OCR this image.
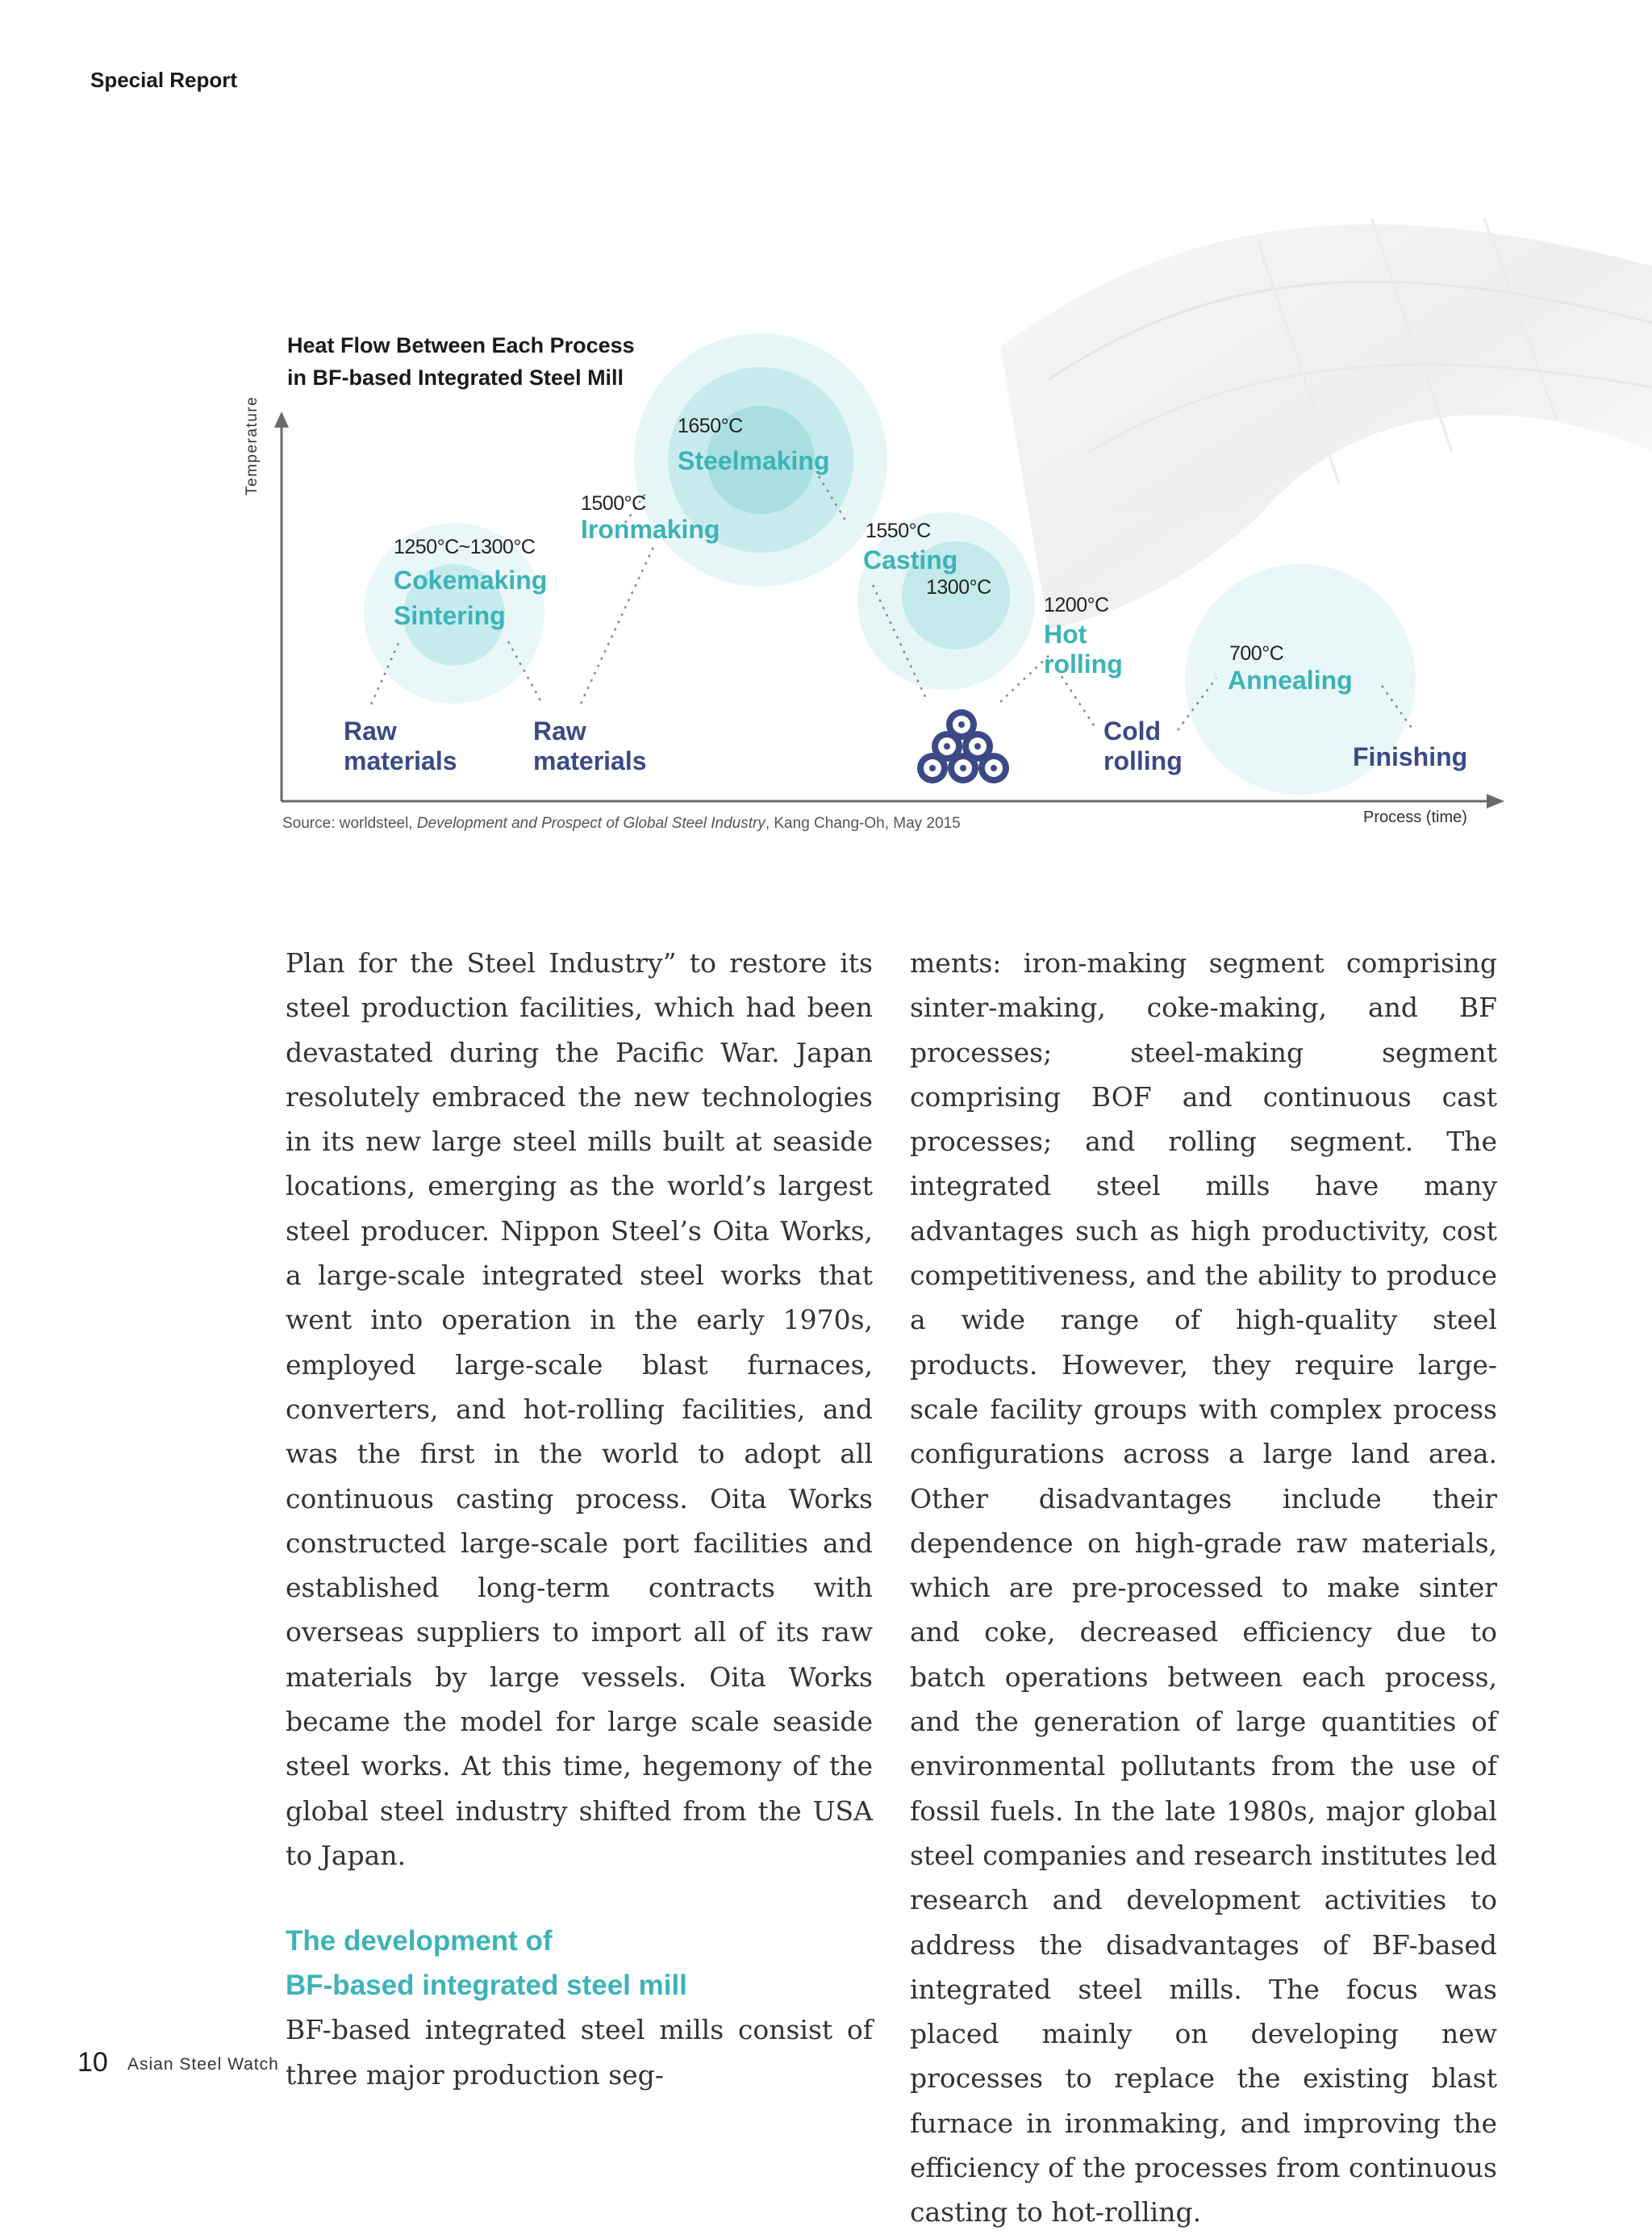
Special Report
Heat Flow Between Each Process
in BF-based Integrated Steel Mill
Temperature
Process (time)
1250°C~1300°C
Cokemaking
Sintering
1500°C
Ironmaking
1650°C
Steelmaking
1550°C
Casting
1300°C
1200°C
Hot
rolling	700°C
Annealing
Raw
materials
Raw
materials
Cold
rolling	Finishing
Source: worldsteel, Development and Prospect of Global Steel Industry, Kang Chang-Oh, May 2015

Plan for the Steel Industry” to restore its steel production facilities, which had been devastated during the Pacific War. Japan resolutely embraced the new technologies in its new large steel mills built at seaside locations, emerging as the world’s largest steel producer. Nippon Steel’s Oita Works, a large-scale integrated steel works that went into operation in the early 1970s, employed large-scale blast furnaces, converters, and hot-rolling facilities, and was the first in the world to adopt all continuous casting process. Oita Works constructed large-scale port facilities and established long-term contracts with overseas suppliers to import all of its raw materials by large vessels. Oita Works became the model for large scale seaside steel works. At this time, hegemony of the global steel industry shifted from the USA to Japan.

The development of
BF-based integrated steel mill

BF-based integrated steel mills consist of three major production seg-

ments: iron-making segment comprising sinter-making, coke-making, and BF processes; steel-making segment comprising BOF and continuous cast processes; and rolling segment. The integrated steel mills have many advantages such as high productivity, cost competitiveness, and the ability to produce a wide range of high-quality steel products. However, they require large-scale facility groups with complex process configurations across a large land area. Other disadvantages include their dependence on high-grade raw materials, which are pre-processed to make sinter and coke, decreased efficiency due to batch operations between each process, and the generation of large quantities of environmental pollutants from the use of fossil fuels. In the late 1980s, major global steel companies and research institutes led research and development activities to address the disadvantages of BF-based integrated steel mills. The focus was placed mainly on developing new processes to replace the existing blast furnace in ironmaking, and improving the efficiency of the processes from continuous casting to hot-rolling.

10 Asian Steel Watch
